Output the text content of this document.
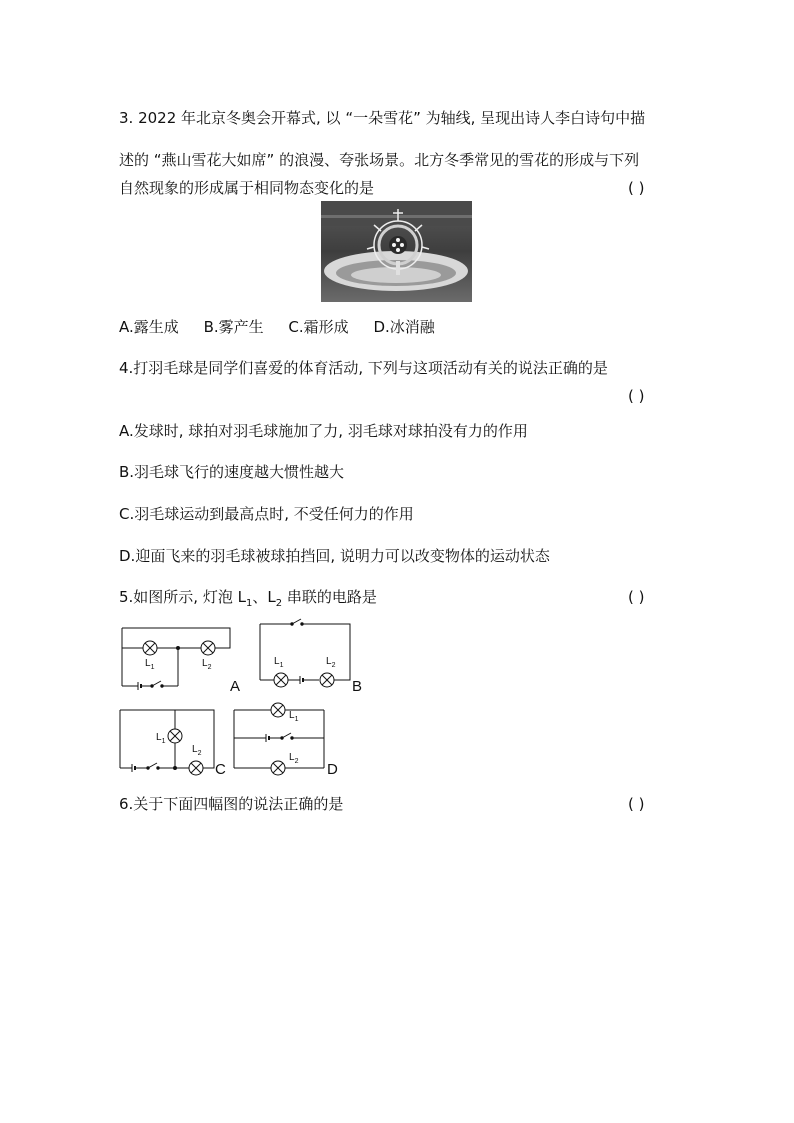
3. 2022 年北京冬奥会开幕式, 以 “一朵雪花” 为轴线, 呈现出诗人李白诗句中描
述的 “燕山雪花大如席” 的浪漫、夸张场景。北方冬季常见的雪花的形成与下列
自然现象的形成属于相同物态变化的是	( )
A.露生成 B.雾产生 C.霜形成 D.冰消融
4.打羽毛球是同学们喜爱的体育活动, 下列与这项活动有关的说法正确的是
( )
A.发球时, 球拍对羽毛球施加了力, 羽毛球对球拍没有力的作用
B.羽毛球飞行的速度越大惯性越大
C.羽毛球运动到最高点时, 不受任何力的作用
D.迎面飞来的羽毛球被球拍挡回, 说明力可以改变物体的运动状态
5.如图所示, 灯泡 $L_1$、$L_2$ 串联的电路是	( )
$L_1$	$L_2$
A
$L_1$	$L_2$
B
$L_1$
$L_2$
C
$L_1$
$L_2$ D
6.关于下面四幅图的说法正确的是	( )
